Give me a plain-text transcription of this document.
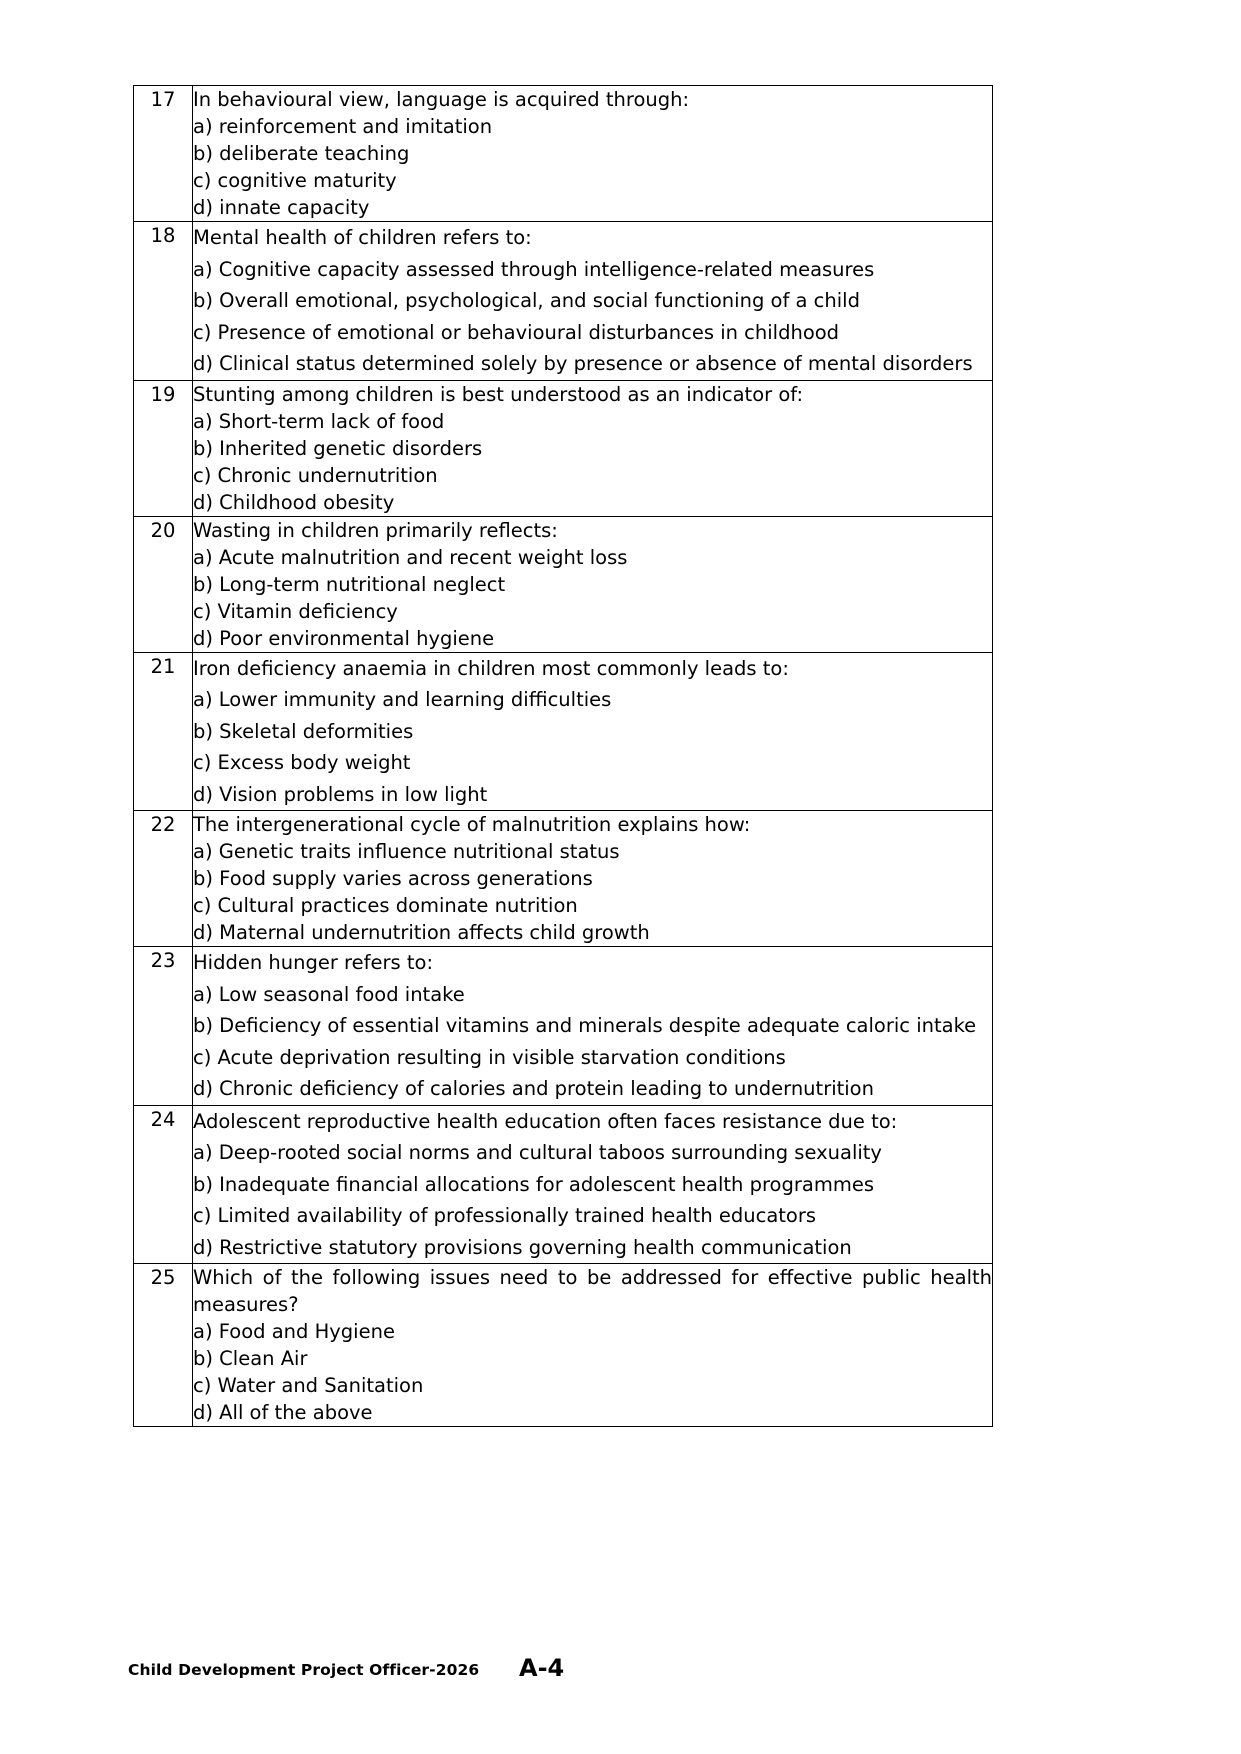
17	In behavioural view, language is acquired through:
a) reinforcement and imitation
b) deliberate teaching
c) cognitive maturity
d) innate capacity

18	Mental health of children refers to:
a) Cognitive capacity assessed through intelligence-related measures
b) Overall emotional, psychological, and social functioning of a child
c) Presence of emotional or behavioural disturbances in childhood
d) Clinical status determined solely by presence or absence of mental disorders

19	Stunting among children is best understood as an indicator of:
a) Short-term lack of food
b) Inherited genetic disorders
c) Chronic undernutrition
d) Childhood obesity

20	Wasting in children primarily reflects:
a) Acute malnutrition and recent weight loss
b) Long-term nutritional neglect
c) Vitamin deficiency
d) Poor environmental hygiene

21	Iron deficiency anaemia in children most commonly leads to:
a) Lower immunity and learning difficulties
b) Skeletal deformities
c) Excess body weight
d) Vision problems in low light

22	The intergenerational cycle of malnutrition explains how:
a) Genetic traits influence nutritional status
b) Food supply varies across generations
c) Cultural practices dominate nutrition
d) Maternal undernutrition affects child growth

23	Hidden hunger refers to:
a) Low seasonal food intake
b) Deficiency of essential vitamins and minerals despite adequate caloric intake
c) Acute deprivation resulting in visible starvation conditions
d) Chronic deficiency of calories and protein leading to undernutrition

24	Adolescent reproductive health education often faces resistance due to:
a) Deep-rooted social norms and cultural taboos surrounding sexuality
b) Inadequate financial allocations for adolescent health programmes
c) Limited availability of professionally trained health educators
d) Restrictive statutory provisions governing health communication

25	Which of the following issues need to be addressed for effective public health measures?
a) Food and Hygiene
b) Clean Air
c) Water and Sanitation
d) All of the above
Child Development Project Officer-2026 A-4
